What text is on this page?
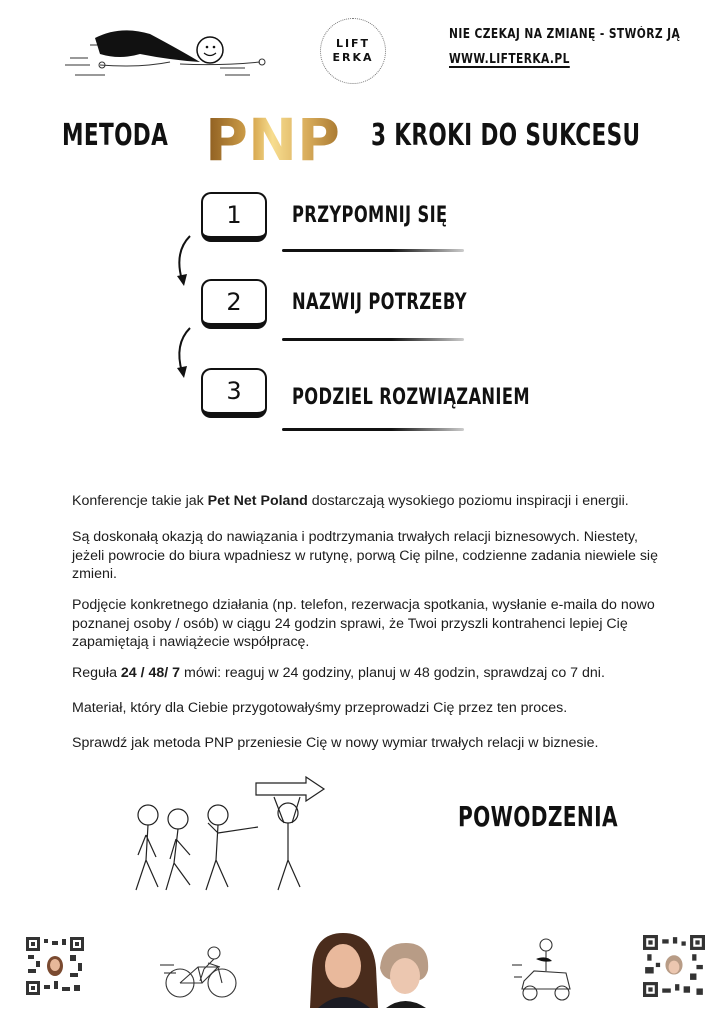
LIFT
ERKA
NIE CZEKAJ NA ZMIANĘ - STWÓRZ JĄ
WWW.LIFTERKA.PL
METODA PNP 3 KROKI DO SUKCESU
1	PRZYPOMNIJ SIĘ
2	NAZWIJ POTRZEBY
3	PODZIEL ROZWIĄZANIEM
Konferencje takie jak Pet Net Poland dostarczają wysokiego poziomu inspiracji i energii.
Są doskonałą okazją do nawiązania i podtrzymania trwałych relacji biznesowych. Niestety, jeżeli powrocie do biura wpadniesz w rutynę, porwą Cię pilne, codzienne zadania niewiele się zmieni.
Podjęcie konkretnego działania (np. telefon, rezerwacja spotkania, wysłanie e-maila do nowo poznanej osoby / osób) w ciągu 24 godzin sprawi, że Twoi przyszli kontrahenci lepiej Cię zapamiętają i nawiążecie współpracę.
Reguła 24 / 48/ 7 mówi: reaguj w 24 godziny, planuj w 48 godzin, sprawdzaj co 7 dni.
Materiał, który dla Ciebie przygotowałyśmy przeprowadzi Cię przez ten proces.
Sprawdź jak metoda PNP przeniesie Cię w nowy wymiar trwałych relacji w biznesie.
POWODZENIA
